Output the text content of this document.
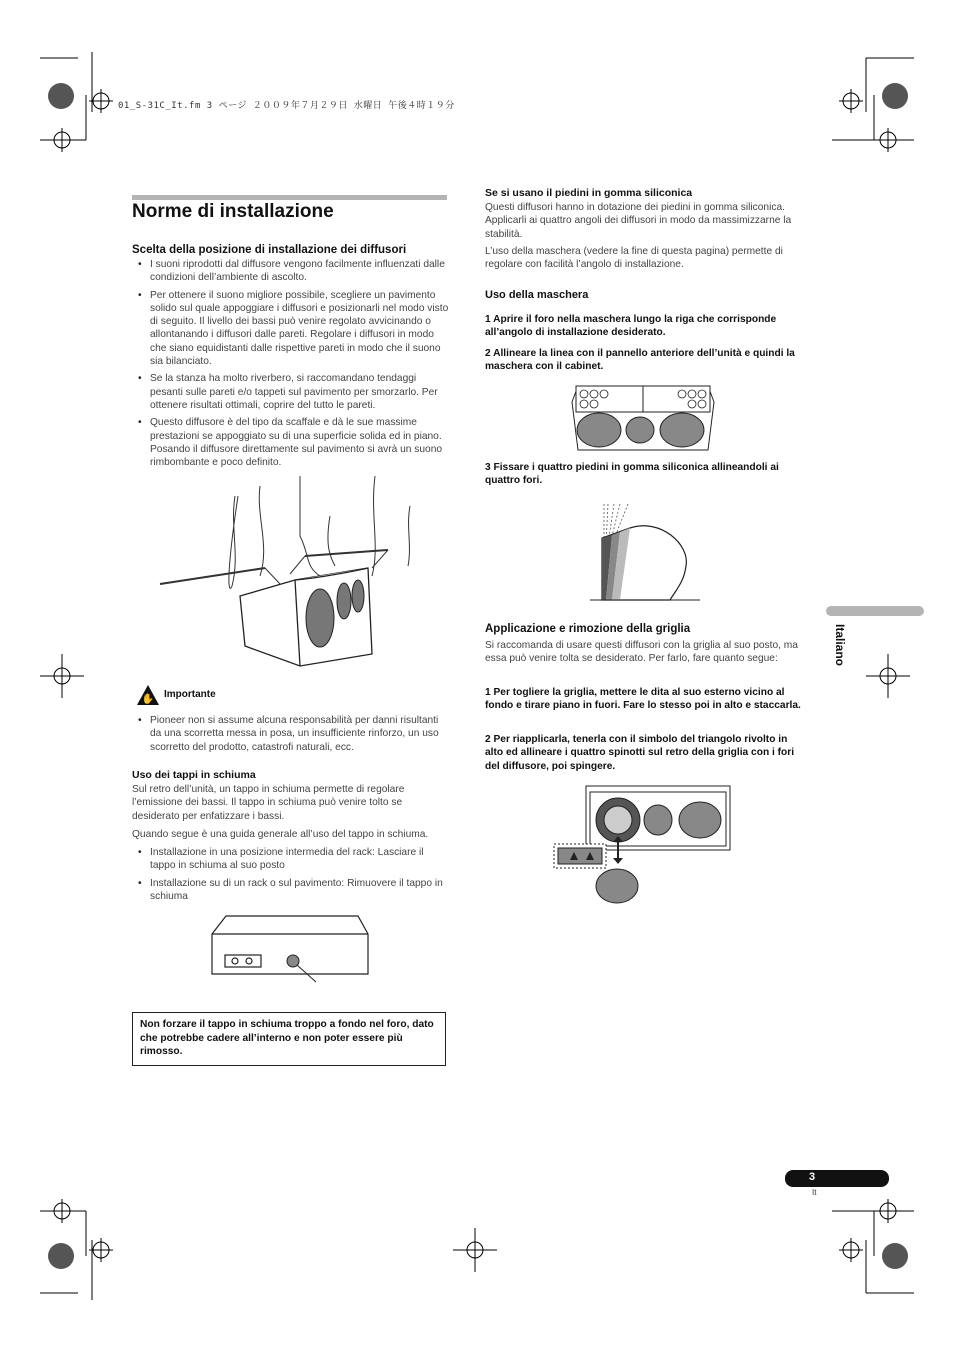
01_S-31C_It.fm 3 ページ ２００９年７月２９日 水曜日 午後４時１９分
Norme di installazione
Scelta della posizione di installazione dei diffusori
• I suoni riprodotti dal diffusore vengono facilmente influenzati dalle condizioni dell’ambiente di ascolto.
• Per ottenere il suono migliore possibile, scegliere un pavimento solido sul quale appoggiare i diffusori e posizionarli nel modo visto di seguito. Il livello dei bassi può venire regolato avvicinando o allontanando i diffusori dalle pareti. Regolare i diffusori in modo che siano equidistanti dalle rispettive pareti in modo che il suono sia bilanciato.
• Se la stanza ha molto riverbero, si raccomandano tendaggi pesanti sulle pareti e/o tappeti sul pavimento per smorzarlo. Per ottenere risultati ottimali, coprire del tutto le pareti.
• Questo diffusore è del tipo da scaffale e dà le sue massime prestazioni se appoggiato su di una superficie solida ed in piano. Posando il diffusore direttamente sul pavimento si avrà un suono rimbombante e poco definito.
✋ Importante
• Pioneer non si assume alcuna responsabilità per danni risultanti da una scorretta messa in posa, un insufficiente rinforzo, un uso scorretto del prodotto, catastrofi naturali, ecc.
Uso dei tappi in schiuma
Sul retro dell’unità, un tappo in schiuma permette di regolare l’emissione dei bassi. Il tappo in schiuma può venire tolto se desiderato per enfatizzare i bassi.
Quando segue è una guida generale all’uso del tappo in schiuma.
• Installazione in una posizione intermedia del rack: Lasciare il tappo in schiuma al suo posto
• Installazione su di un rack o sul pavimento: Rimuovere il tappo in schiuma
Non forzare il tappo in schiuma troppo a fondo nel foro, dato che potrebbe cadere all’interno e non poter essere più rimosso.
Se si usano il piedini in gomma siliconica
Questi diffusori hanno in dotazione dei piedini in gomma siliconica. Applicarli ai quattro angoli dei diffusori in modo da massimizzarne la stabilità.
L’uso della maschera (vedere la fine di questa pagina) permette di regolare con facilità l’angolo di installazione.
Uso della maschera
1 Aprire il foro nella maschera lungo la riga che corrisponde all’angolo di installazione desiderato.
2 Allineare la linea con il pannello anteriore dell’unità e quindi la maschera con il cabinet.
3 Fissare i quattro piedini in gomma siliconica allineandoli ai quattro fori.
Applicazione e rimozione della griglia
Si raccomanda di usare questi diffusori con la griglia al suo posto, ma essa può venire tolta se desiderato. Per farlo, fare quanto segue:
1 Per togliere la griglia, mettere le dita al suo esterno vicino al fondo e tirare piano in fuori. Fare lo stesso poi in alto e staccarla.
2 Per riapplicarla, tenerla con il simbolo del triangolo rivolto in alto ed allineare i quattro spinotti sul retro della griglia con i fori del diffusore, poi spingere.
Italiano
3
It
